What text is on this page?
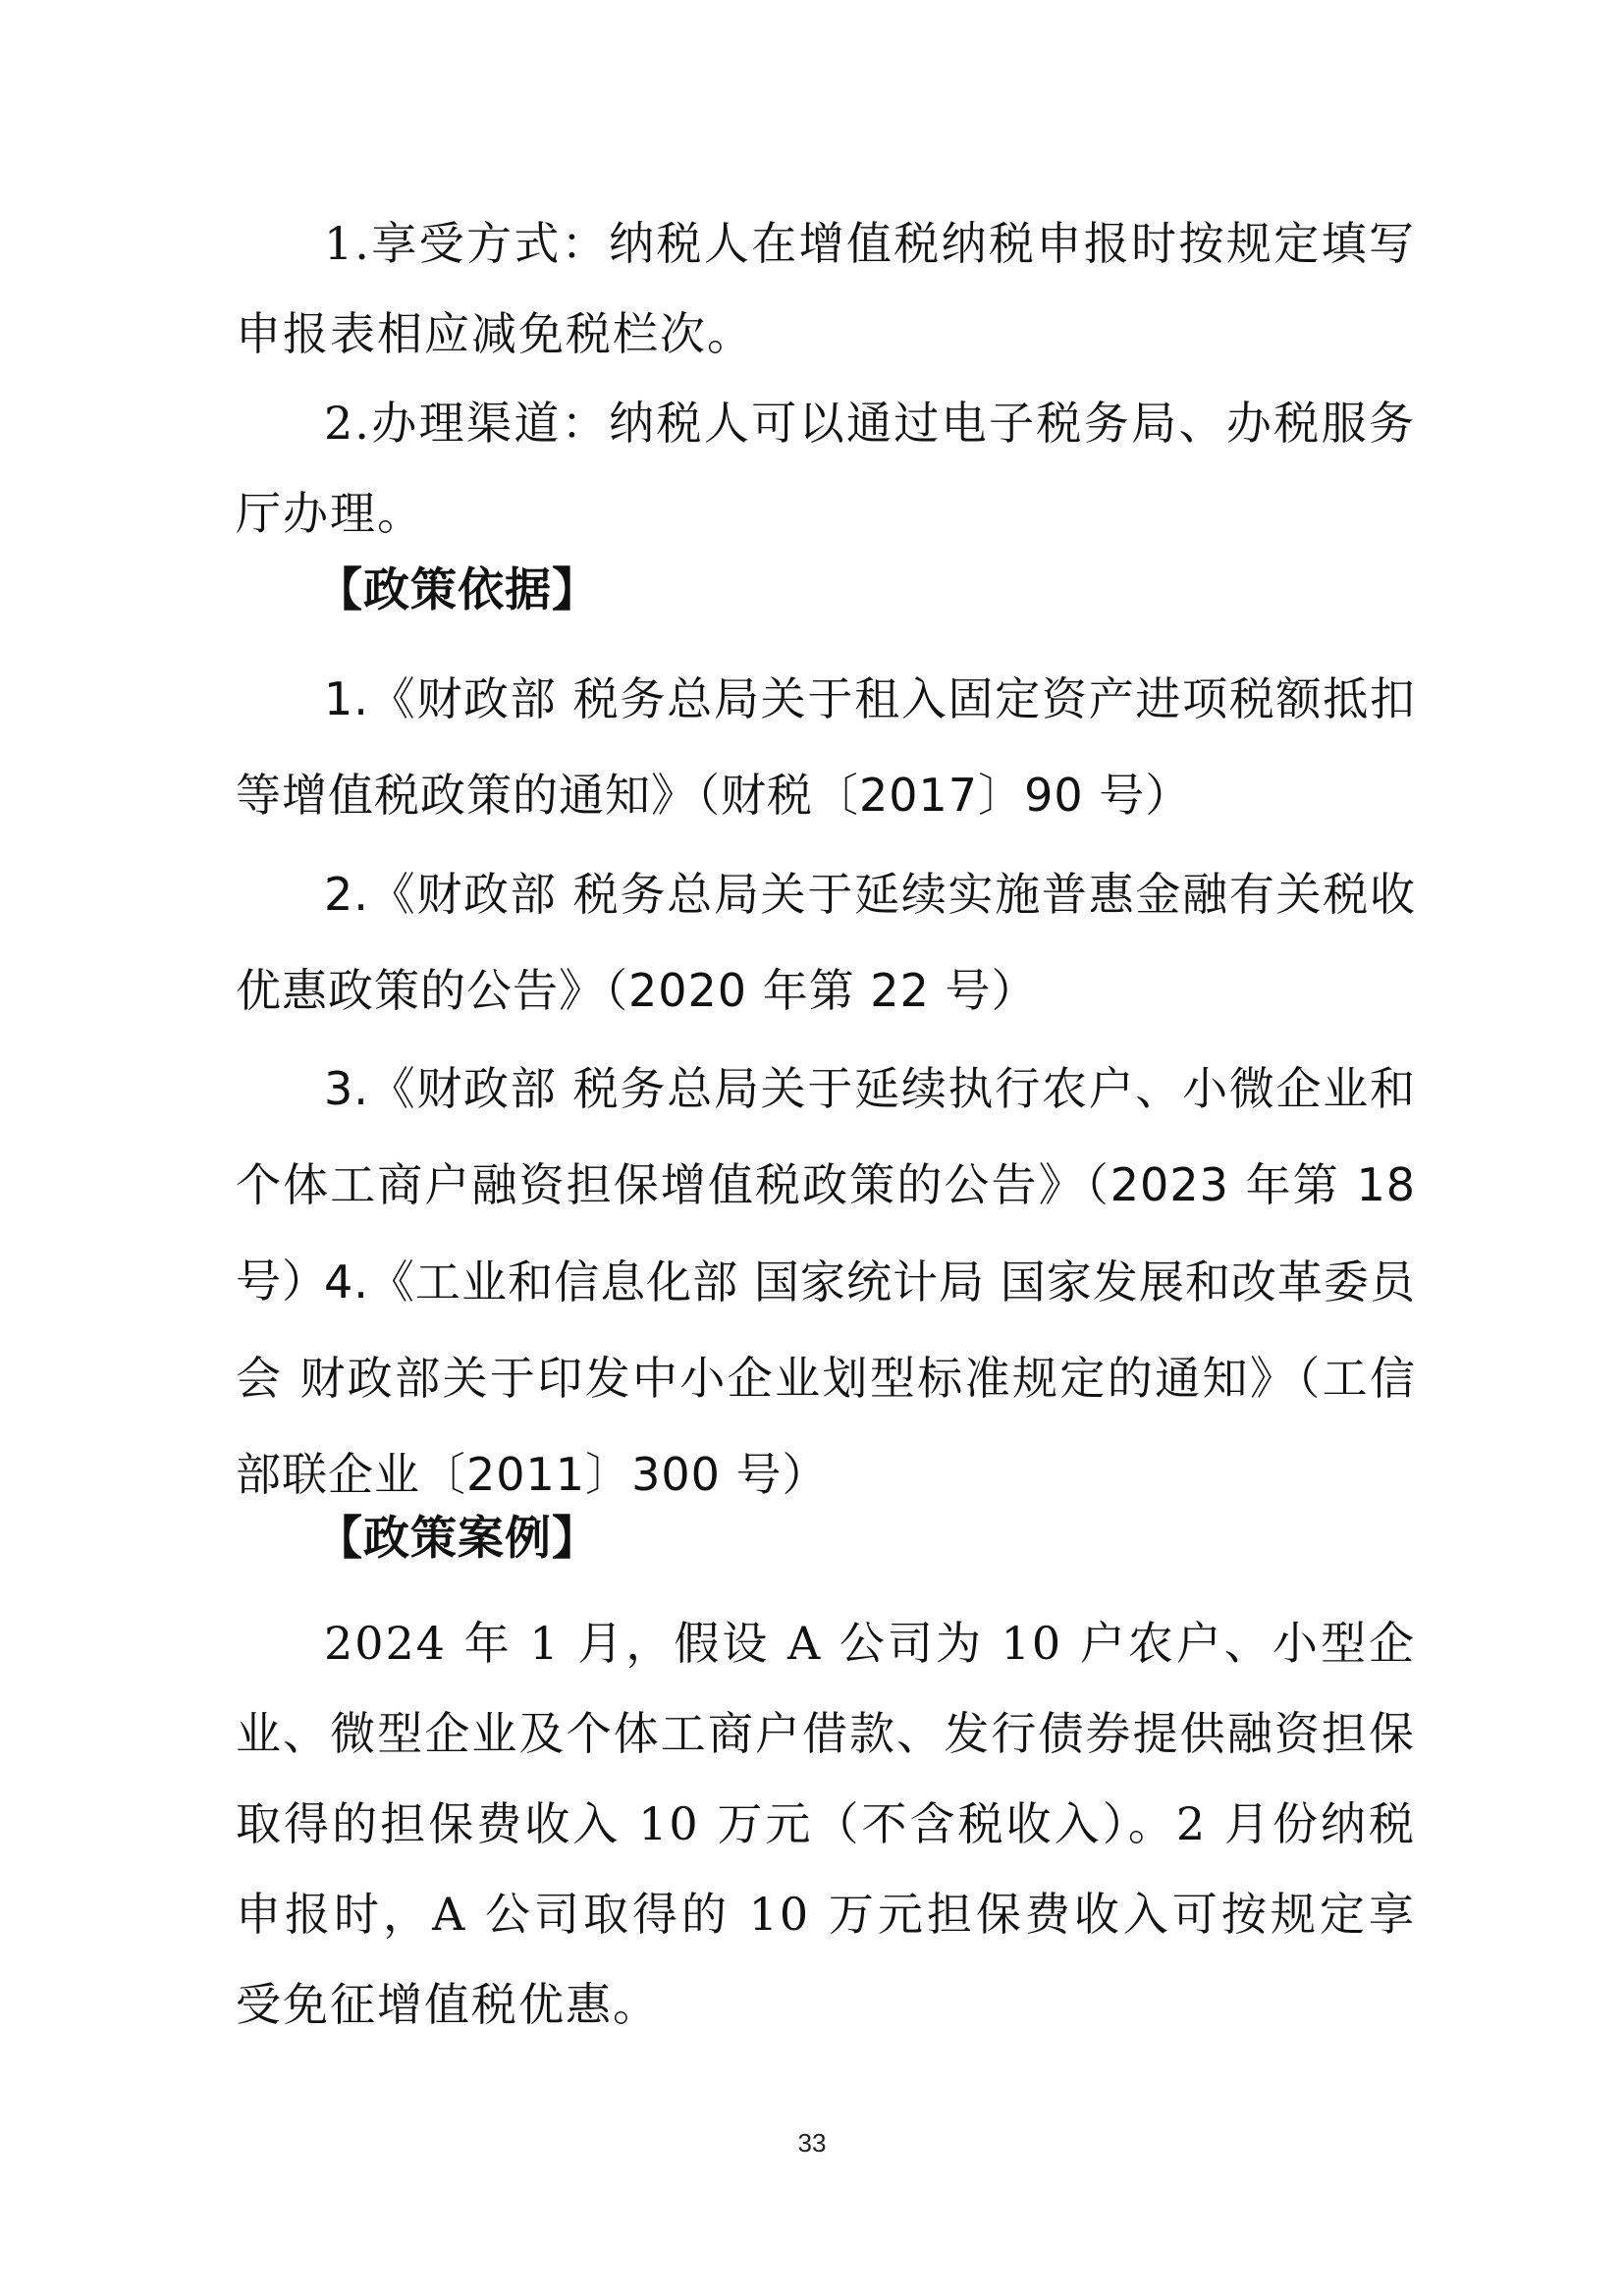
1.享受方式：纳税人在增值税纳税申报时按规定填写申报表相应减免税栏次。

2.办理渠道：纳税人可以通过电子税务局、办税服务厅办理。

【政策依据】

1.《财政部 税务总局关于租入固定资产进项税额抵扣等增值税政策的通知》（财税〔2017〕90 号）

2.《财政部 税务总局关于延续实施普惠金融有关税收优惠政策的公告》（2020 年第 22 号）

3.《财政部 税务总局关于延续执行农户、小微企业和个体工商户融资担保增值税政策的公告》（2023 年第 18 号）

4.《工业和信息化部 国家统计局 国家发展和改革委员会 财政部关于印发中小企业划型标准规定的通知》（工信部联企业〔2011〕300 号）

【政策案例】

2024 年 1 月，假设 A 公司为 10 户农户、小型企业、微型企业及个体工商户借款、发行债券提供融资担保取得的担保费收入 10 万元（不含税收入）。2 月份纳税申报时，A 公司取得的 10 万元担保费收入可按规定享受免征增值税优惠。

33
